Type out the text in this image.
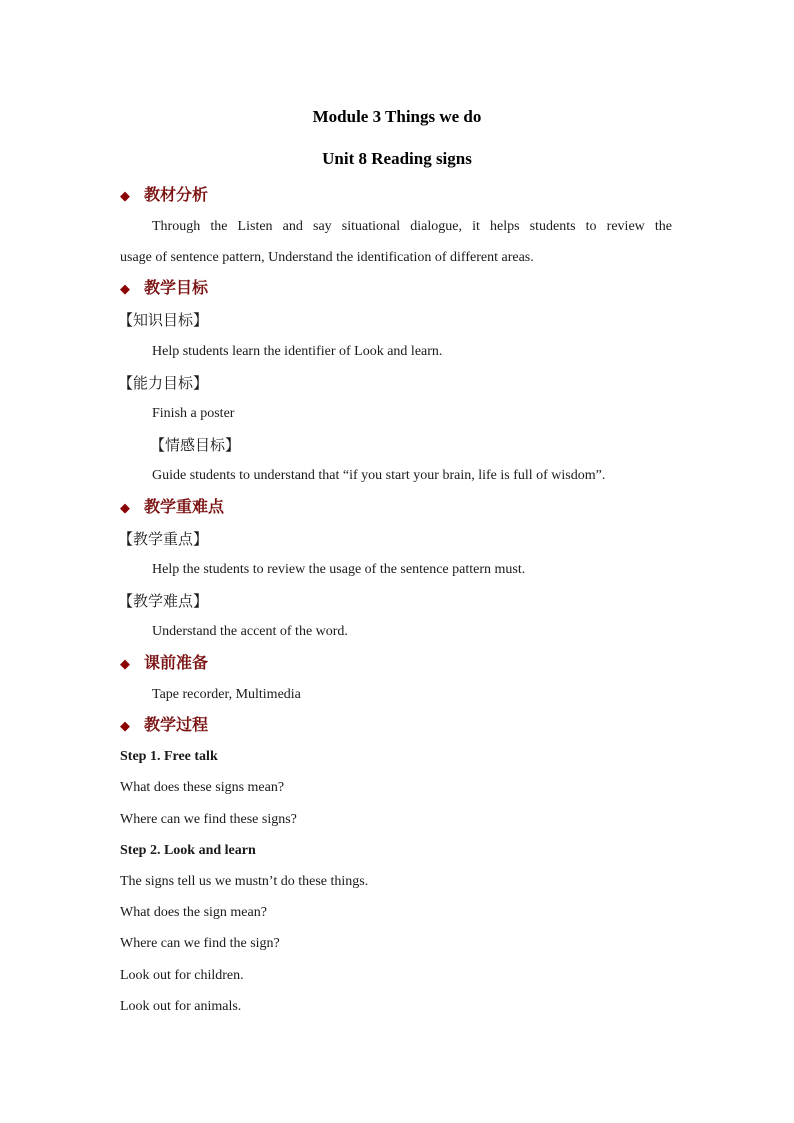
Module 3 Things we do
Unit 8 Reading signs
◆ 教材分析
Through the Listen and say situational dialogue, it helps students to review the
usage of sentence pattern, Understand the identification of different areas.
◆ 教学目标
【知识目标】
Help students learn the identifier of Look and learn.
【能力目标】
Finish a poster
【情感目标】
Guide students to understand that “if you start your brain, life is full of wisdom”.
◆ 教学重难点
【教学重点】
Help the students to review the usage of the sentence pattern must.
【教学难点】
Understand the accent of the word.
◆ 课前准备
Tape recorder, Multimedia
◆ 教学过程
Step 1. Free talk
What does these signs mean?
Where can we find these signs?
Step 2. Look and learn
The signs tell us we mustn’t do these things.
What does the sign mean?
Where can we find the sign?
Look out for children.
Look out for animals.
